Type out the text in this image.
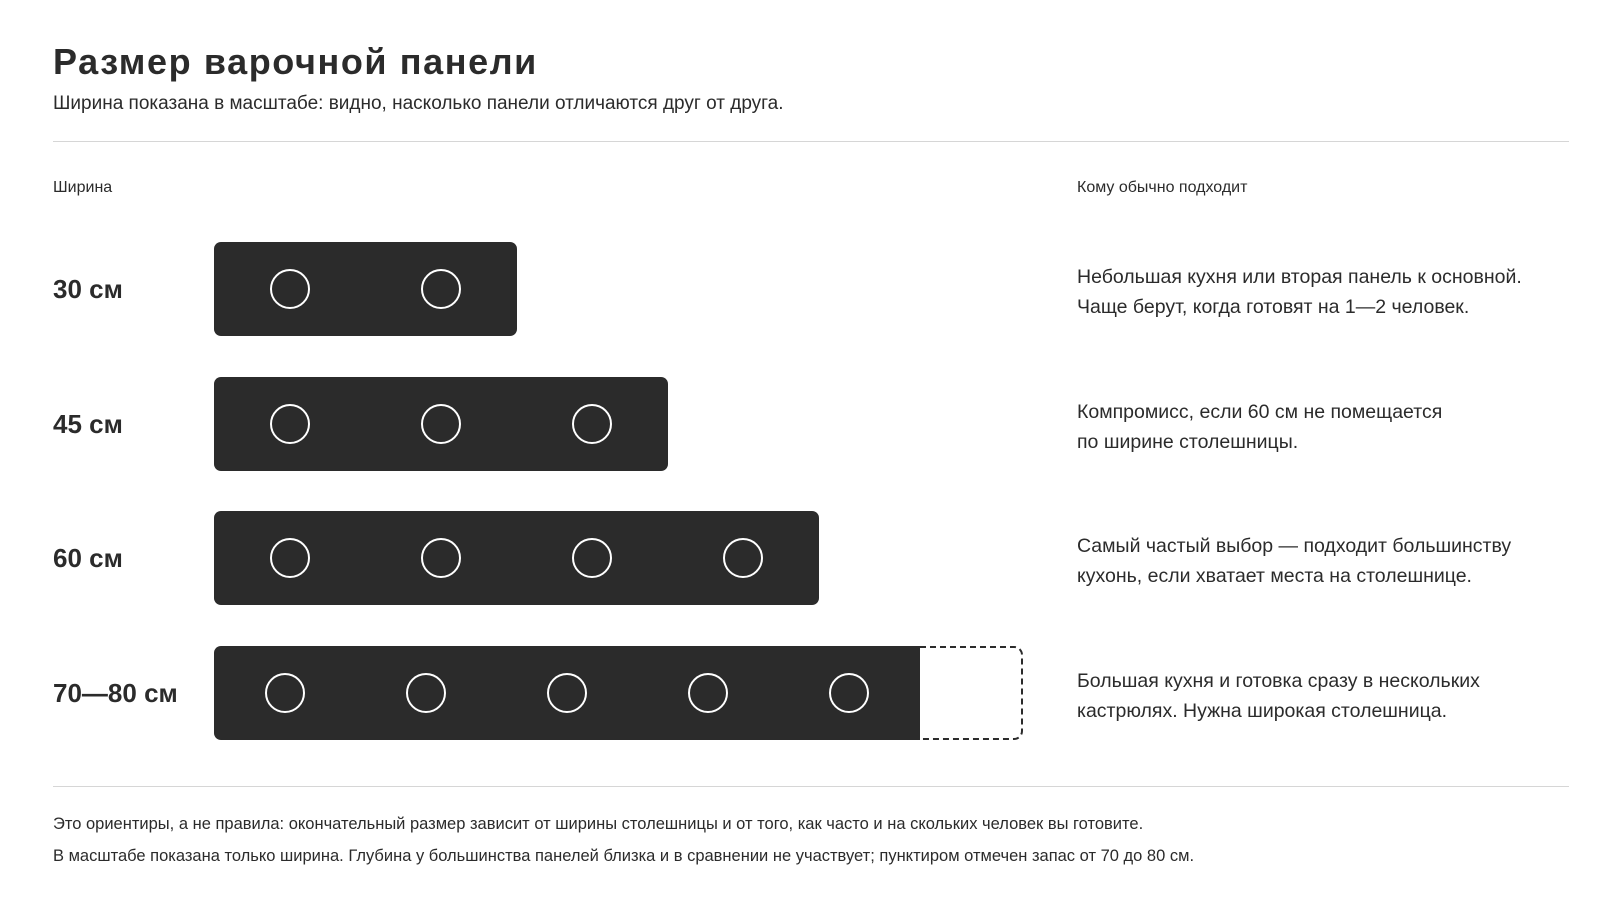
Размер варочной панели
Ширина показана в масштабе: видно, насколько панели отличаются друг от друга.
Ширина	Кому обычно подходит
30 см	Небольшая кухня или вторая панель к основной.
Чаще берут, когда готовят на 1—2 человек.
45 см	Компромисс, если 60 см не помещается
по ширине столешницы.
60 см	Самый частый выбор — подходит большинству
кухонь, если хватает места на столешнице.
70—80 см	Большая кухня и готовка сразу в нескольких
кастрюлях. Нужна широкая столешница.
Это ориентиры, а не правила: окончательный размер зависит от ширины столешницы и от того, как часто и на скольких человек вы готовите.
В масштабе показана только ширина. Глубина у большинства панелей близка и в сравнении не участвует; пунктиром отмечен запас от 70 до 80 см.
